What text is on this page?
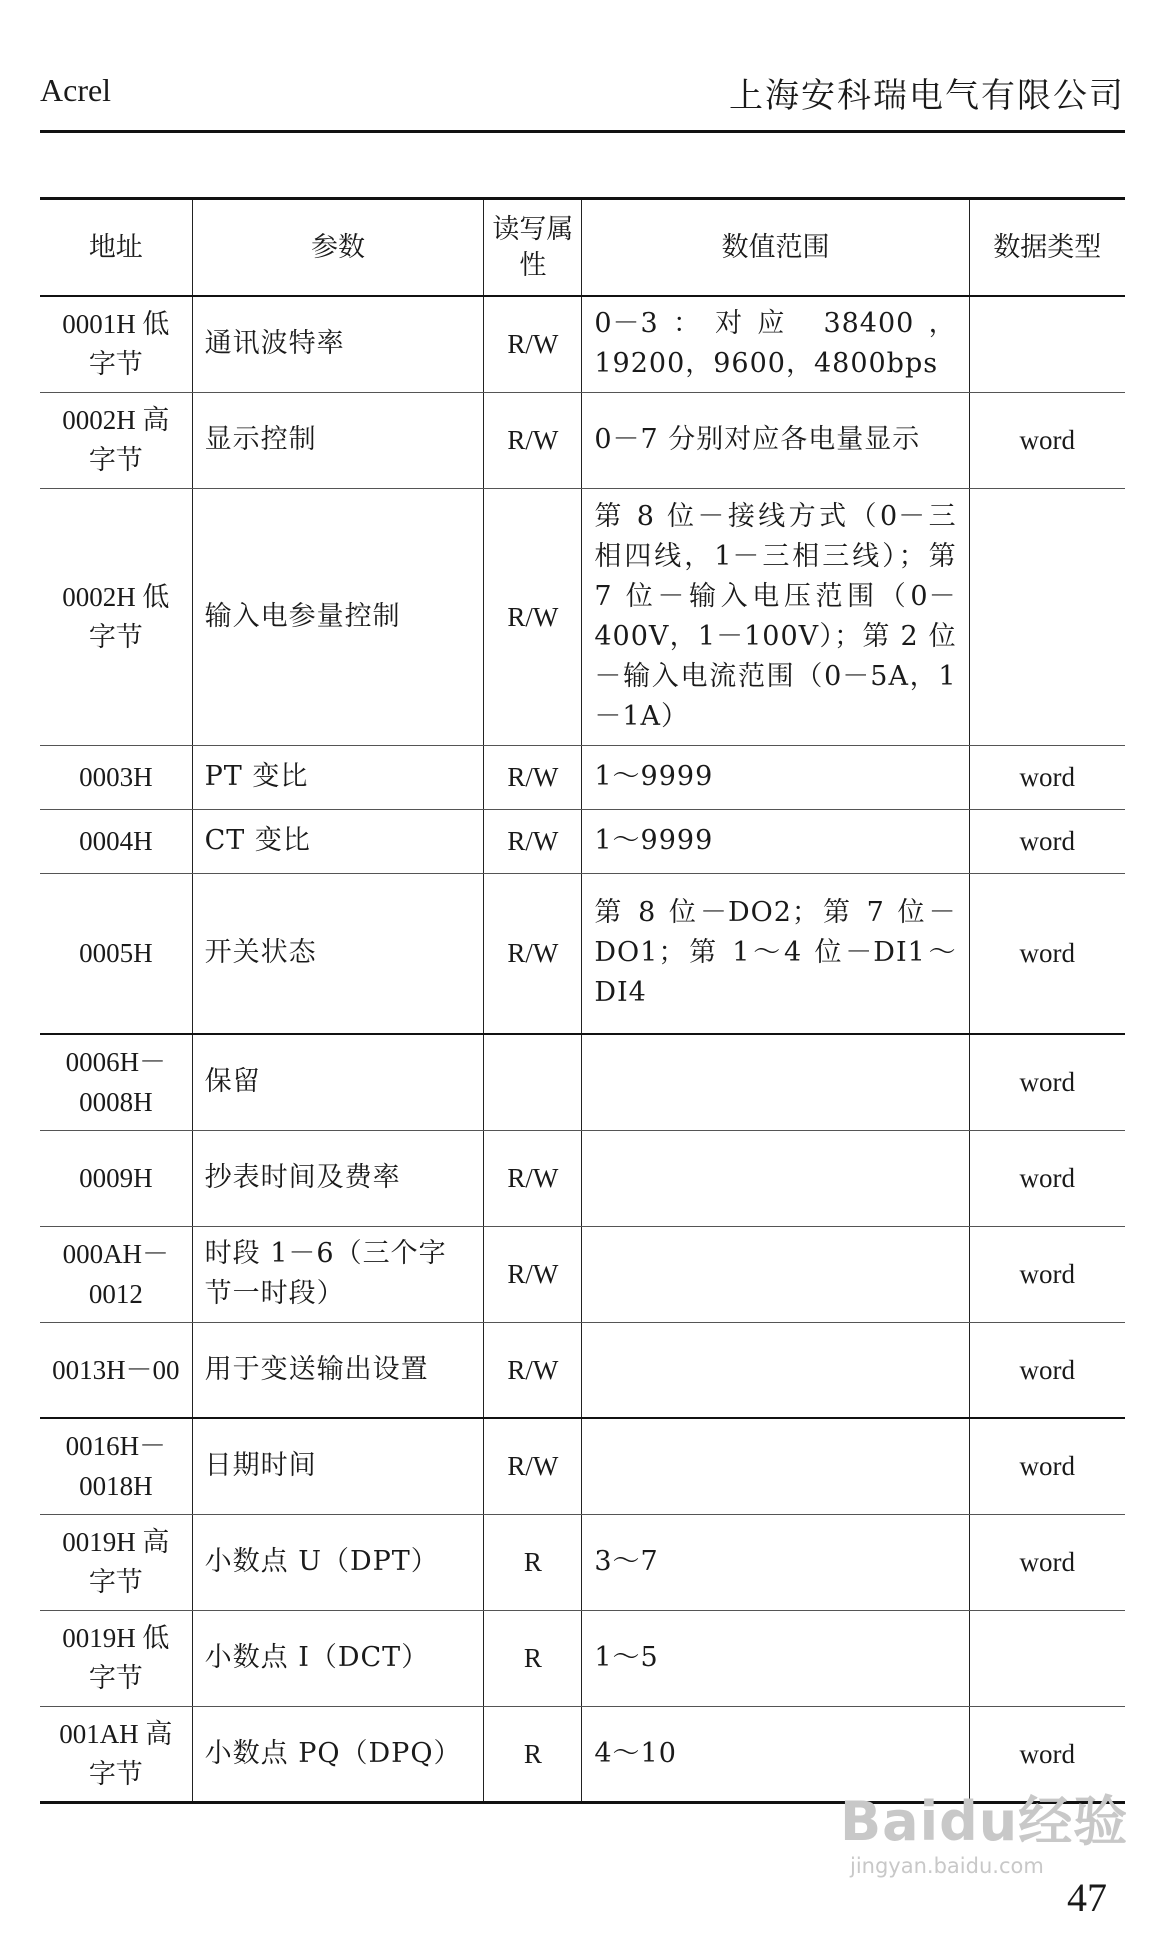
Acrel	上海安科瑞电气有限公司
地址	参数	读写属性	数值范围	数据类型
0001H 低字节	通讯波特率	R/W	0－3：对应 38400，19200，9600，4800bps	
0002H 高字节	显示控制	R/W	0－7 分别对应各电量显示	word
0002H 低字节	输入电参量控制	R/W	第 8 位－接线方式（0－三相四线，1－三相三线）；第 7 位－输入电压范围（0－400V，1－100V）；第 2 位－输入电流范围（0－5A，1－1A）	
0003H	PT 变比	R/W	1～9999	word
0004H	CT 变比	R/W	1～9999	word
0005H	开关状态	R/W	第 8 位－DO2；第 7 位－DO1；第 1～4 位－DI1～DI4	word
0006H－0008H	保留			word
0009H	抄表时间及费率	R/W		word
000AH－0012	时段 1－6（三个字节一时段）	R/W		word
0013H－00	用于变送输出设置	R/W		word
0016H－0018H	日期时间	R/W		word
0019H 高字节	小数点 U（DPT）	R	3～7	word
0019H 低字节	小数点 I（DCT）	R	1～5	
001AH 高字节	小数点 PQ（DPQ）	R	4～10	word
Baidu经验
jingyan.baidu.com
47
